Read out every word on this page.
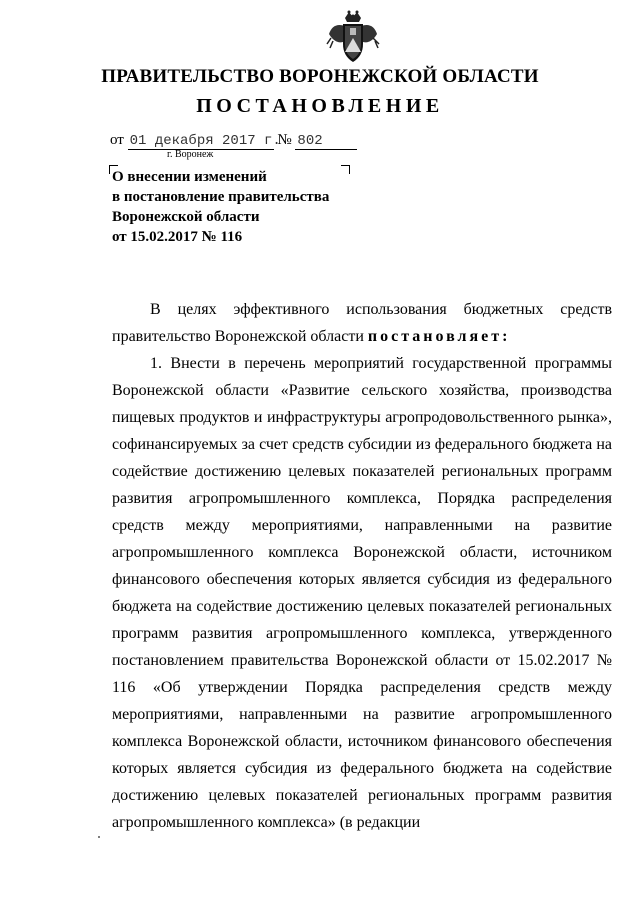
ПРАВИТЕЛЬСТВО ВОРОНЕЖСКОЙ ОБЛАСТИ
ПОСТАНОВЛЕНИЕ
от 01 декабря 2017 г. № 802
г. Воронеж
О внесении изменений
в постановление правительства
Воронежской области
от 15.02.2017 № 116

В целях эффективного использования бюджетных средств правительство Воронежской области постановляет:

1. Внести в перечень мероприятий государственной программы Воронежской области «Развитие сельского хозяйства, производства пищевых продуктов и инфраструктуры агропродовольственного рынка», софинансируемых за счет средств субсидии из федерального бюджета на содействие достижению целевых показателей региональных программ развития агропромышленного комплекса, Порядка распределения средств между мероприятиями, направленными на развитие агропромышленного комплекса Воронежской области, источником финансового обеспечения которых является субсидия из федерального бюджета на содействие достижению целевых показателей региональных программ развития агропромышленного комплекса, утвержденного постановлением правительства Воронежской области от 15.02.2017 № 116 «Об утверждении Порядка распределения средств между мероприятиями, направленными на развитие агропромышленного комплекса Воронежской области, источником финансового обеспечения которых является субсидия из федерального бюджета на содействие достижению целевых показателей региональных программ развития агропромышленного комплекса» (в редакции
